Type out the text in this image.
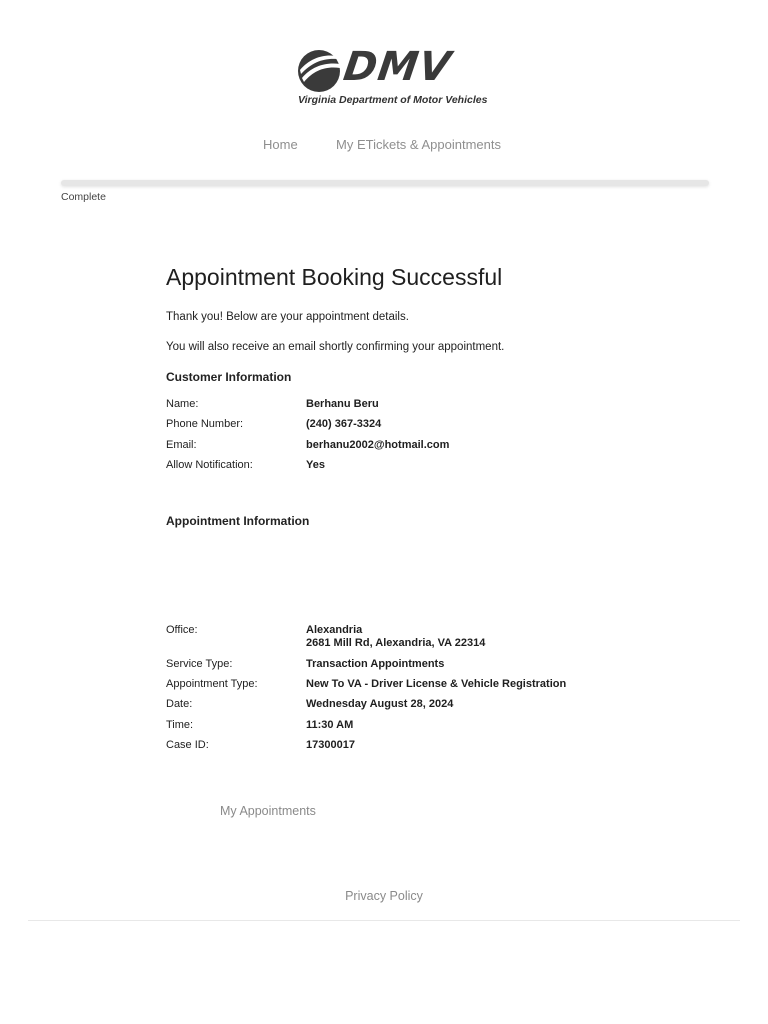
DMV
Virginia Department of Motor Vehicles
Home	My ETickets & Appointments
Complete
Appointment Booking Successful

Thank you! Below are your appointment details.

You will also receive an email shortly confirming your appointment.

Customer Information
Name:	Berhanu Beru
Phone Number:	(240) 367-3324
Email:	berhanu2002@hotmail.com
Allow Notification:	Yes
Appointment Information
Office:	Alexandria
2681 Mill Rd, Alexandria, VA 22314
Service Type:	Transaction Appointments
Appointment Type:	New To VA - Driver License & Vehicle Registration
Date:	Wednesday August 28, 2024
Time:	11:30 AM
Case ID:	17300017
My Appointments
Privacy Policy
